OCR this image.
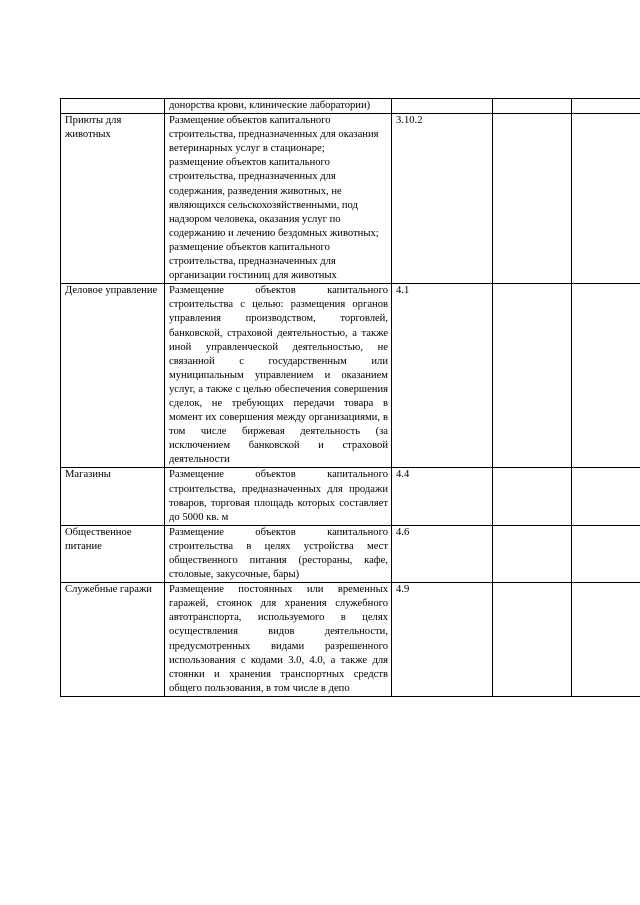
	донорства крови, клинические лаборатории)			

Приюты для животных	Размещение объектов капитального строительства, предназначенных для оказания ветеринарных услуг в стационаре;
размещение объектов капитального строительства, предназначенных для содержания, разведения животных, не являющихся сельскохозяйственными, под надзором человека, оказания услуг по содержанию и лечению бездомных животных;
размещение объектов капитального строительства, предназначенных для организации гостиниц для животных	3.10.2		
Деловое управление	Размещение объектов капитального строительства с целью: размещения органов управления производством, торговлей, банковской, страховой деятельностью, а также иной управленческой деятельностью, не связанной с государственным или муниципальным управлением и оказанием услуг, а также с целью обеспечения совершения сделок, не требующих передачи товара в момент их совершения между организациями, в том числе биржевая деятельность (за исключением банковской и страховой деятельности	4.1		
Магазины	Размещение объектов капитального строительства, предназначенных для продажи товаров, торговая площадь которых составляет до 5000 кв. м	4.4		
Общественное питание	Размещение объектов капитального строительства в целях устройства мест общественного питания (рестораны, кафе, столовые, закусочные, бары)	4.6		
Служебные гаражи	Размещение постоянных или временных гаражей, стоянок для хранения служебного автотранспорта, используемого в целях осуществления видов деятельности, предусмотренных видами разрешенного использования с кодами 3.0, 4.0, а также для стоянки и хранения транспортных средств общего пользования, в том числе в депо	4.9		
